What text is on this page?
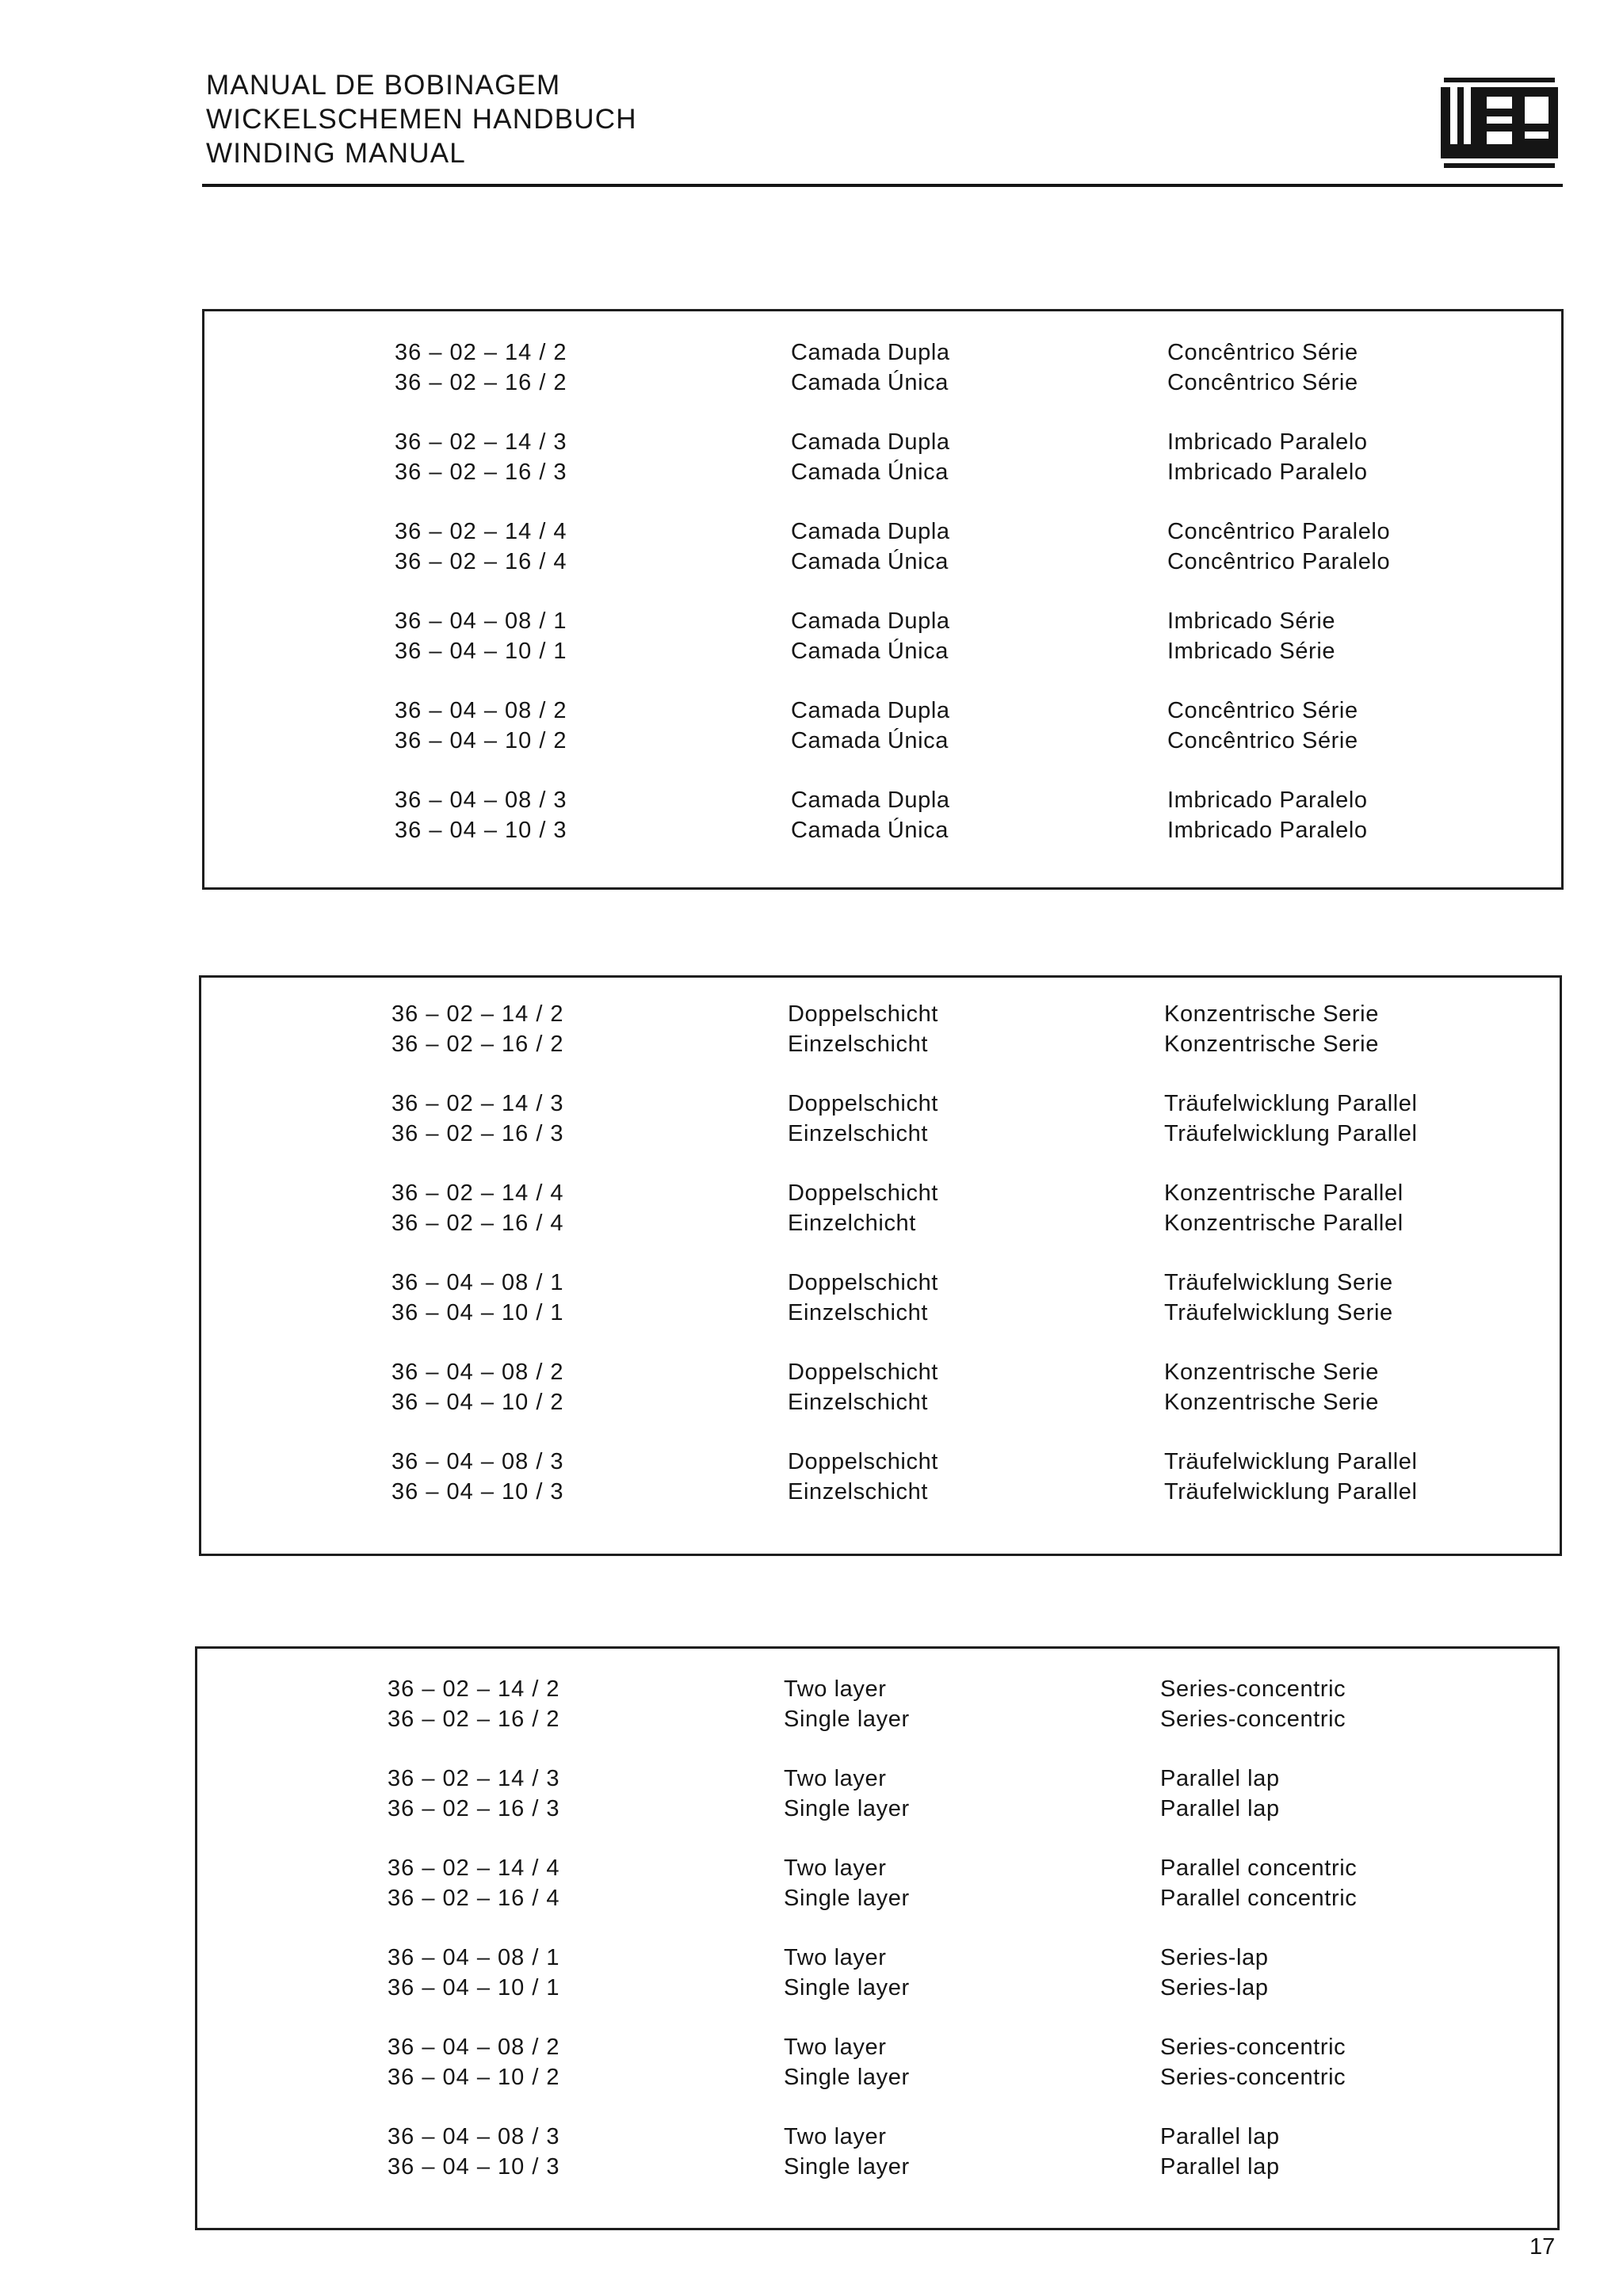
MANUAL DE BOBINAGEM
WICKELSCHEMEN HANDBUCH
WINDING MANUAL
36 – 02 – 14 / 2	Camada Dupla	Concêntrico Série
36 – 02 – 16 / 2	Camada Única	Concêntrico Série
36 – 02 – 14 / 3	Camada Dupla	Imbricado Paralelo
36 – 02 – 16 / 3	Camada Única	Imbricado Paralelo
36 – 02 – 14 / 4	Camada Dupla	Concêntrico Paralelo
36 – 02 – 16 / 4	Camada Única	Concêntrico Paralelo
36 – 04 – 08 / 1	Camada Dupla	Imbricado Série
36 – 04 – 10 / 1	Camada Única	Imbricado Série
36 – 04 – 08 / 2	Camada Dupla	Concêntrico Série
36 – 04 – 10 / 2	Camada Única	Concêntrico Série
36 – 04 – 08 / 3	Camada Dupla	Imbricado Paralelo
36 – 04 – 10 / 3	Camada Única	Imbricado Paralelo
36 – 02 – 14 / 2	Doppelschicht	Konzentrische Serie
36 – 02 – 16 / 2	Einzelschicht	Konzentrische Serie
36 – 02 – 14 / 3	Doppelschicht	Träufelwicklung Parallel
36 – 02 – 16 / 3	Einzelschicht	Träufelwicklung Parallel
36 – 02 – 14 / 4	Doppelschicht	Konzentrische Parallel
36 – 02 – 16 / 4	Einzelchicht	Konzentrische Parallel
36 – 04 – 08 / 1	Doppelschicht	Träufelwicklung Serie
36 – 04 – 10 / 1	Einzelschicht	Träufelwicklung Serie
36 – 04 – 08 / 2	Doppelschicht	Konzentrische Serie
36 – 04 – 10 / 2	Einzelschicht	Konzentrische Serie
36 – 04 – 08 / 3	Doppelschicht	Träufelwicklung Parallel
36 – 04 – 10 / 3	Einzelschicht	Träufelwicklung Parallel
36 – 02 – 14 / 2	Two layer	Series-concentric
36 – 02 – 16 / 2	Single layer	Series-concentric
36 – 02 – 14 / 3	Two layer	Parallel lap
36 – 02 – 16 / 3	Single layer	Parallel lap
36 – 02 – 14 / 4	Two layer	Parallel concentric
36 – 02 – 16 / 4	Single layer	Parallel concentric
36 – 04 – 08 / 1	Two layer	Series-lap
36 – 04 – 10 / 1	Single layer	Series-lap
36 – 04 – 08 / 2	Two layer	Series-concentric
36 – 04 – 10 / 2	Single layer	Series-concentric
36 – 04 – 08 / 3	Two layer	Parallel lap
36 – 04 – 10 / 3	Single layer	Parallel lap
17
